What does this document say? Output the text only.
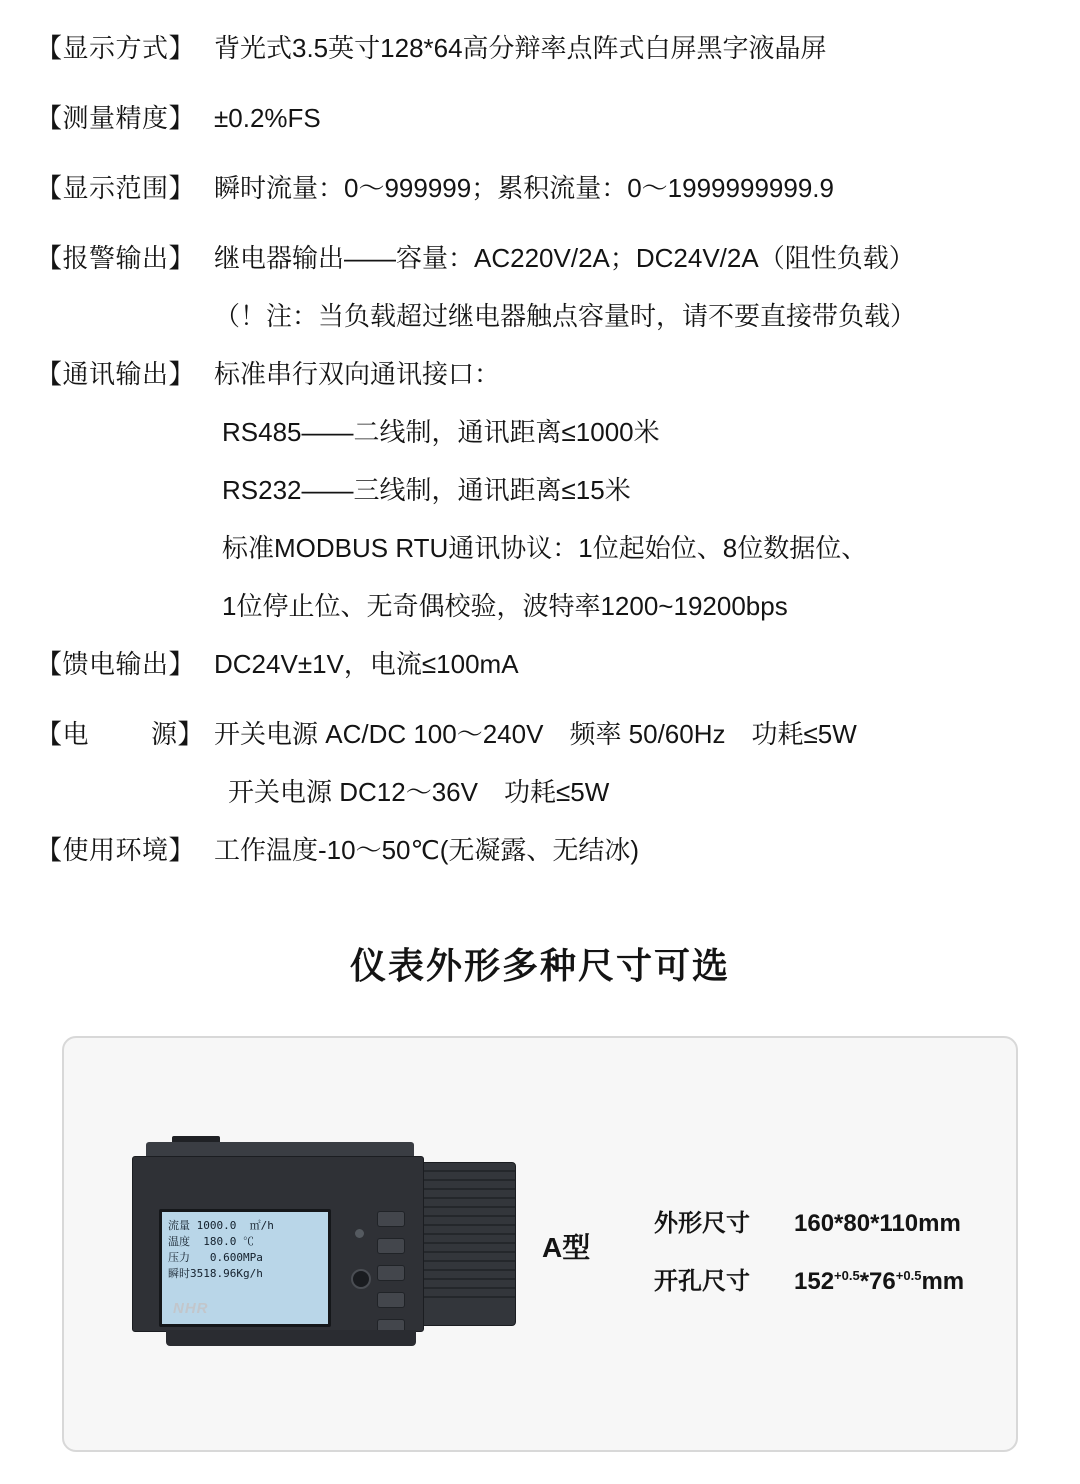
【显示方式】 背光式3.5英寸128*64高分辩率点阵式白屏黑字液晶屏
【测量精度】 ±0.2%FS
【显示范围】 瞬时流量：0～999999；累积流量：0～1999999999.9
【报警输出】 继电器输出——容量：AC220V/2A；DC24V/2A（阻性负载）
（！注：当负载超过继电器触点容量时，请不要直接带负载）
【通讯输出】 标准串行双向通讯接口：
RS485——二线制，通讯距离≤1000米
RS232——三线制，通讯距离≤15米
标准MODBUS RTU通讯协议：1位起始位、8位数据位、
1位停止位、无奇偶校验，波特率1200~19200bps
【馈电输出】 DC24V±1V，电流≤100mA
【电 源】 开关电源 AC/DC 100～240V　频率 50/60Hz　功耗≤5W
开关电源 DC12～36V　功耗≤5W
【使用环境】 工作温度-10～50℃(无凝露、无结冰)
仪表外形多种尺寸可选
流量 1000.0  ㎡/h
温度  180.0 ℃
压力   0.600MPa
瞬时3518.96Kg/h
NHR
A型
外形尺寸 160*80*110mm
开孔尺寸 $152^{+0.5}*76^{+0.5}mm$
